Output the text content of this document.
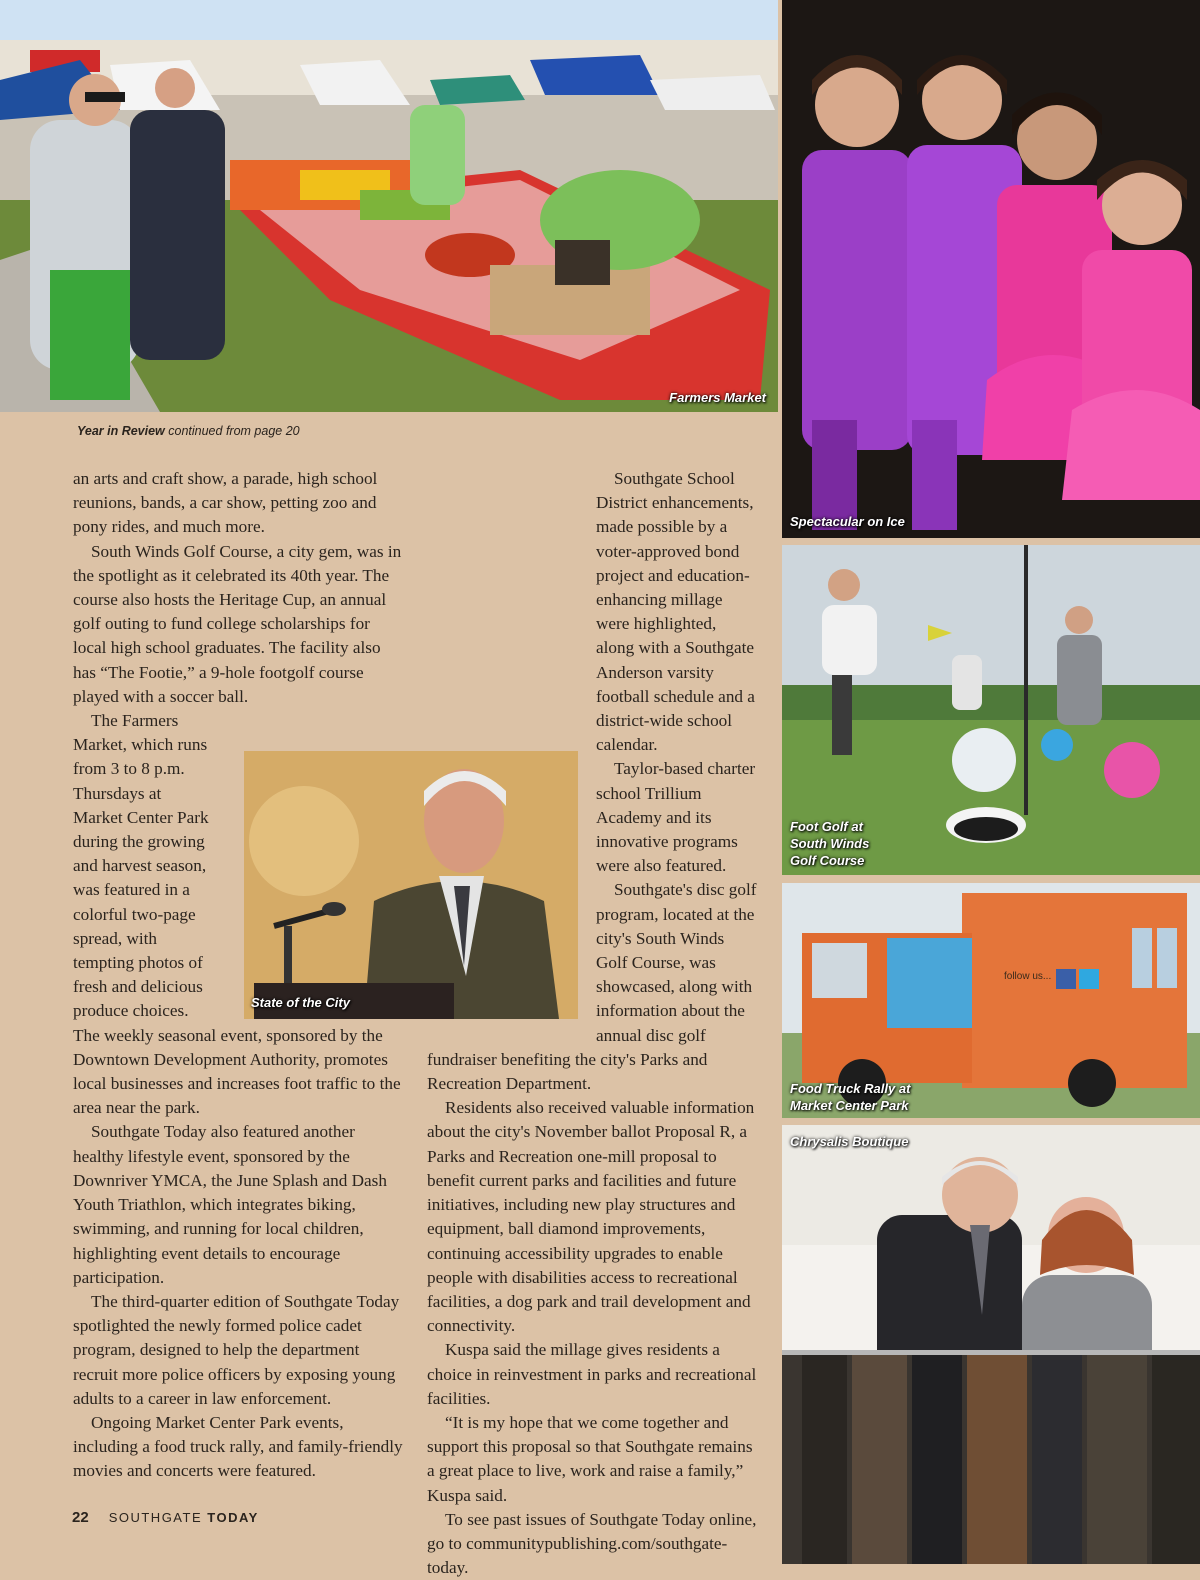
Farmers Market
Spectacular on Ice
Foot Golf at
South Winds
Golf Course
follow us...
Food Truck Rally at
Market Center Park
Chrysalis Boutique
Year in Review continued from page 20
State of the City

an arts and craft show, a parade, high school reunions, bands, a car show, petting zoo and pony rides, and much more.

South Winds Golf Course, a city gem, was in the spotlight as it celebrated its 40th year. The course also hosts the Heritage Cup, an annual golf outing to fund college scholarships for local high school graduates. The facility also has “The Footie,” a 9-hole footgolf course played with a soccer ball.

The Farmers Market, which runs from 3 to 8 p.m. Thursdays at Market Center Park during the growing and harvest season, was featured in a colorful two-page spread, with tempting photos of fresh and delicious produce choices. The weekly seasonal event, sponsored by the Downtown Development Authority, promotes local businesses and increases foot traffic to the area near the park.

Southgate Today also featured another healthy lifestyle event, sponsored by the Downriver YMCA, the June Splash and Dash Youth Triathlon, which integrates biking, swimming, and running for local children, highlighting event details to encourage participation.

The third-quarter edition of Southgate Today spotlighted the newly formed police cadet program, designed to help the department recruit more police officers by exposing young adults to a career in law enforcement.

Ongoing Market Center Park events, including a food truck rally, and family-friendly movies and concerts were featured.

Southgate School District enhancements, made possible by a voter-approved bond project and education-enhancing millage were highlighted, along with a Southgate Anderson varsity football schedule and a district-wide school calendar.

Taylor-based charter school Trillium Academy and its innovative programs were also featured.

Southgate's disc golf program, located at the city's South Winds Golf Course, was showcased, along with information about the annual disc golf fundraiser benefiting the city's Parks and Recreation Department.

Residents also received valuable information about the city's November ballot Proposal R, a Parks and Recreation one-mill proposal to benefit current parks and facilities and future initiatives, including new play structures and equipment, ball diamond improvements, continuing accessibility upgrades to enable people with disabilities access to recreational facilities, a dog park and trail development and connectivity.

Kuspa said the millage gives residents a choice in reinvestment in parks and recreational facilities.

“It is my hope that we come together and support this proposal so that Southgate remains a great place to live, work and raise a family,” Kuspa said.

To see past issues of Southgate Today online, go to communitypublishing.com/southgate-today.

22 SOUTHGATE TODAY
